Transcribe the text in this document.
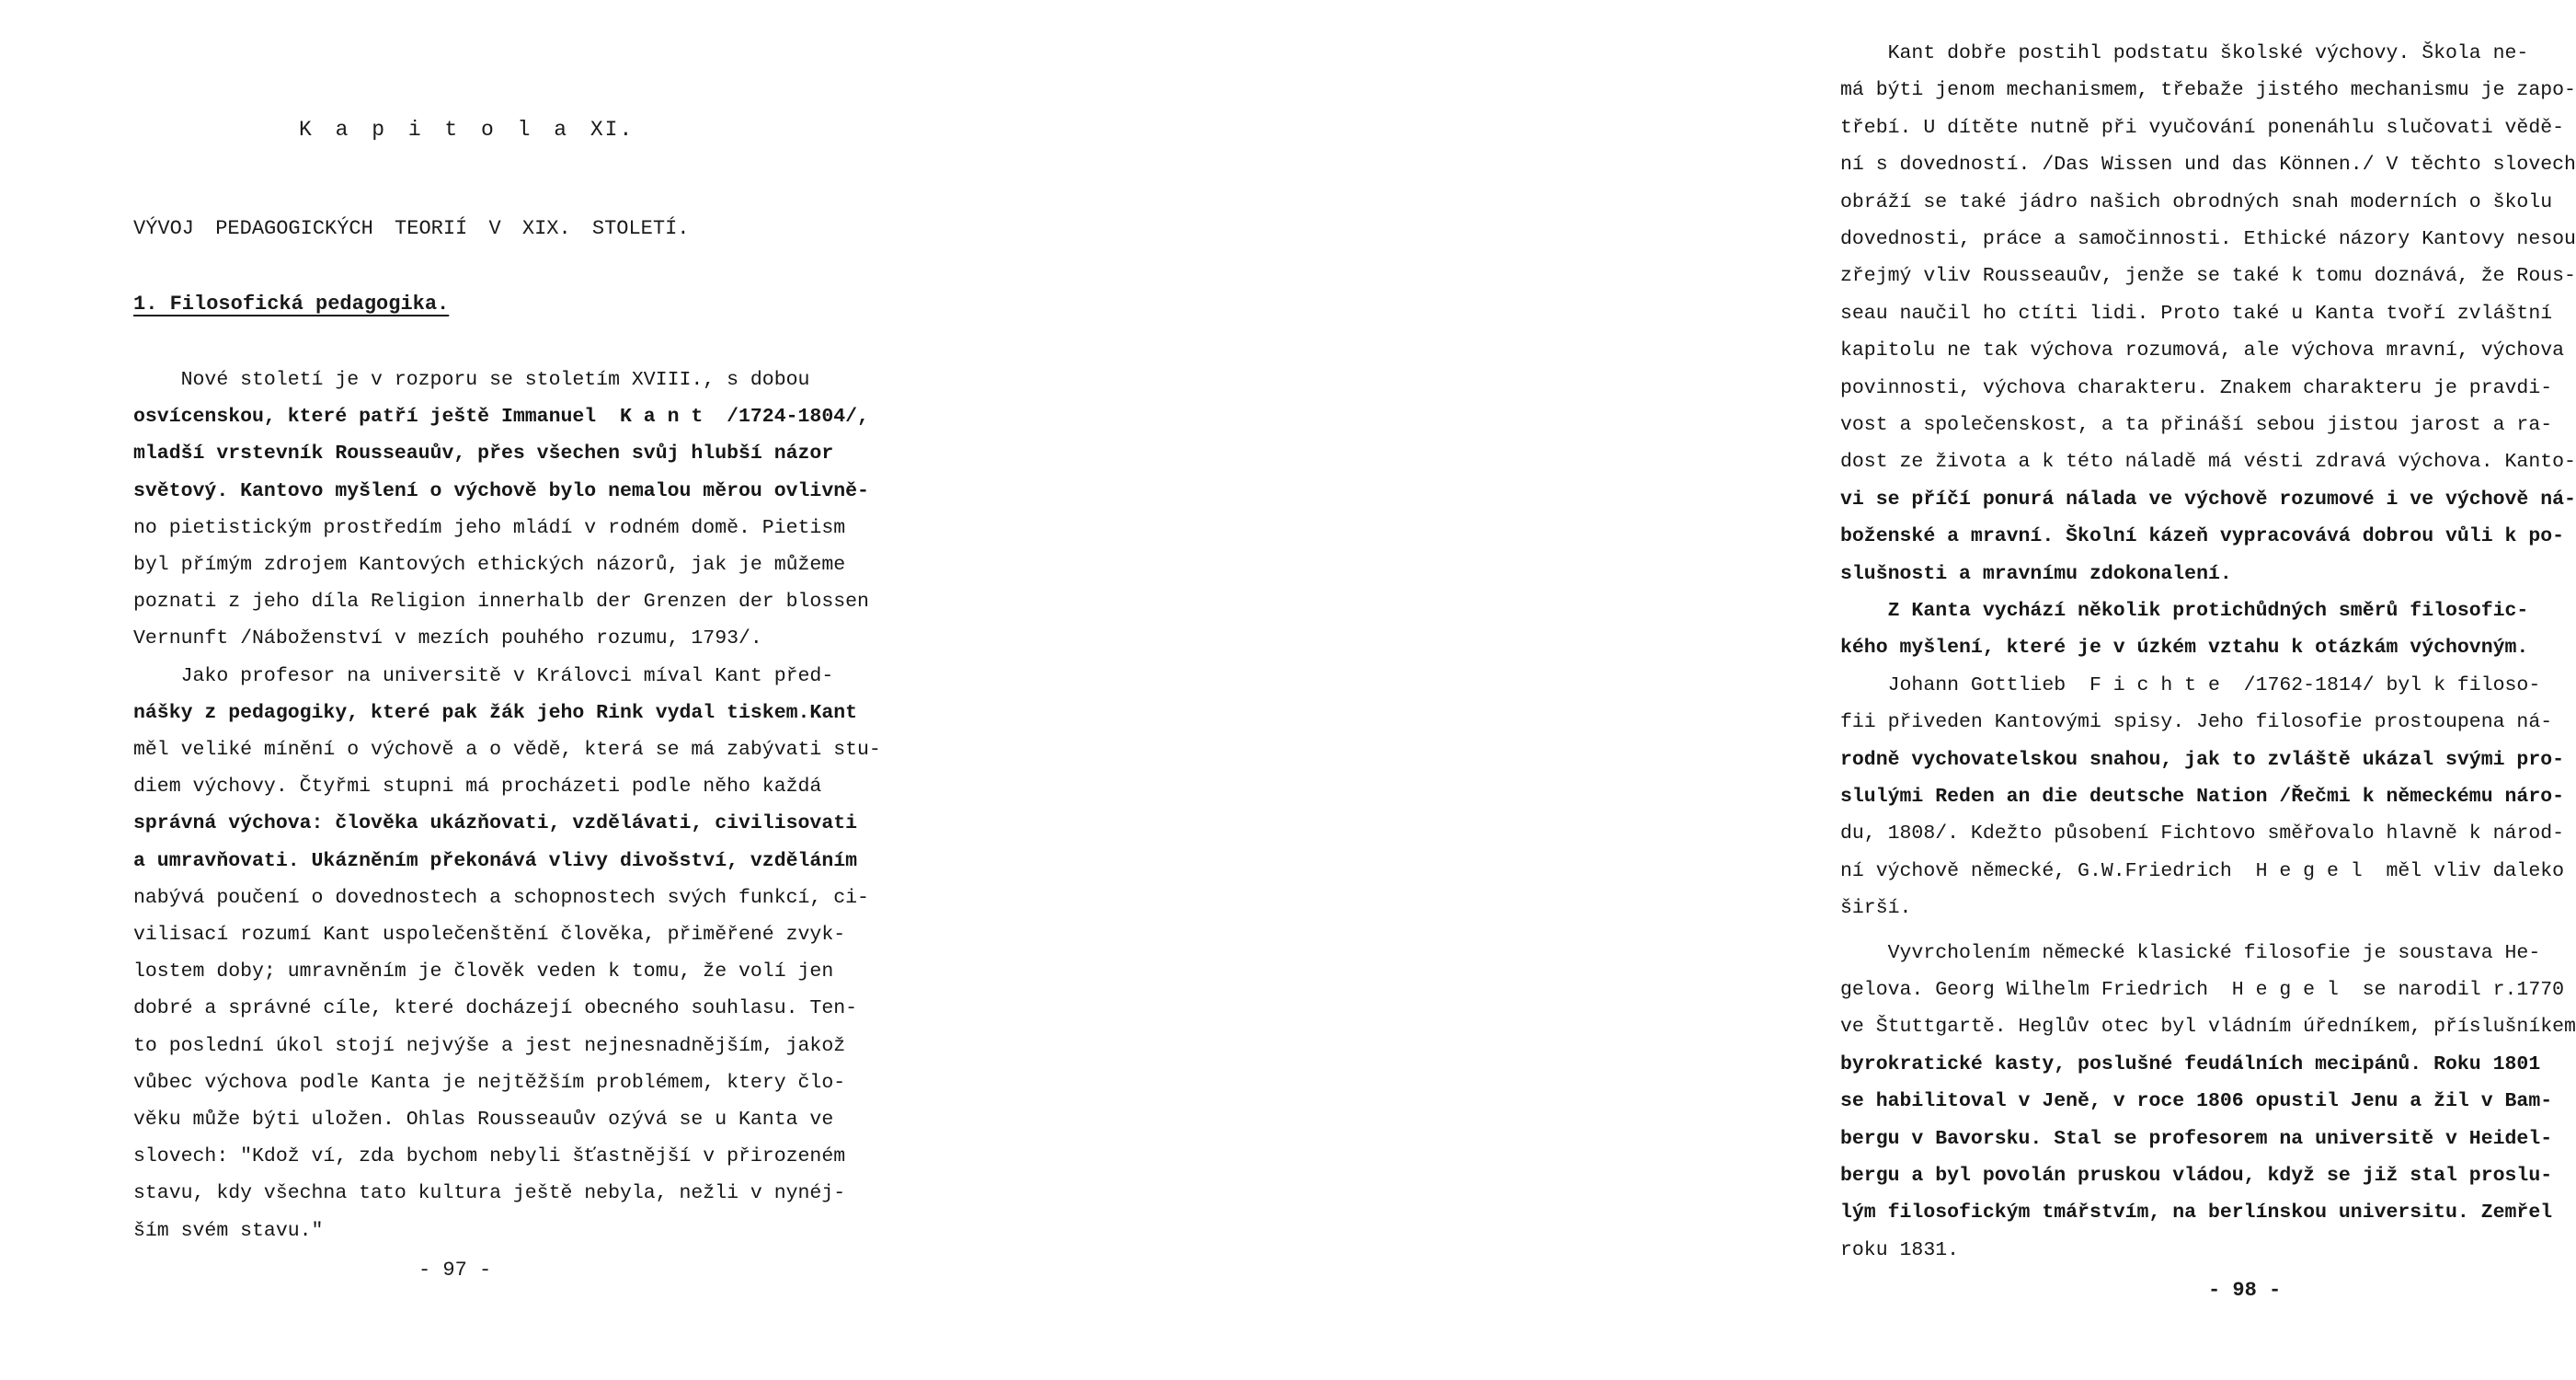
K a p i t o l a XI.
VÝVOJ PEDAGOGICKÝCH TEORIÍ V XIX. STOLETÍ.
1. Filosofická pedagogika.
Nové století je v rozporu se stoletím XVIII., s dobou
osvícenskou, které patří ještě Immanuel  K a n t  /1724-1804/,
mladší vrstevník Rousseauův, přes všechen svůj hlubší názor
světový. Kantovo myšlení o výchově bylo nemalou měrou ovlivně-
no pietistickým prostředím jeho mládí v rodném domě. Pietism
byl přímým zdrojem Kantových ethických názorů, jak je můžeme
poznati z jeho díla Religion innerhalb der Grenzen der blossen
Vernunft /Náboženství v mezích pouhého rozumu, 1793/.
Jako profesor na universitě v Královci míval Kant před-
nášky z pedagogiky, které pak žák jeho Rink vydal tiskem.Kant
měl veliké mínění o výchově a o vědě, která se má zabývati stu-
diem výchovy. Čtyřmi stupni má procházeti podle něho každá
správná výchova: člověka ukázňovati, vzdělávati, civilisovati
a umravňovati. Ukázněním překonává vlivy divošství, vzděláním
nabývá poučení o dovednostech a schopnostech svých funkcí, ci-
vilisací rozumí Kant uspolečenštění člověka, přiměřené zvyk-
lostem doby; umravněním je člověk veden k tomu, že volí jen
dobré a správné cíle, které docházejí obecného souhlasu. Ten-
to poslední úkol stojí nejvýše a jest nejnesnadnějším, jakož
vůbec výchova podle Kanta je nejtěžším problémem, ktery člo-
věku může býti uložen. Ohlas Rousseauův ozývá se u Kanta ve
slovech: "Kdož ví, zda bychom nebyli šťastnější v přirozeném
stavu, kdy všechna tato kultura ještě nebyla, nežli v nynéj-
ším svém stavu."
- 97 -
Kant dobře postihl podstatu školské výchovy. Škola ne-
má býti jenom mechanismem, třebaže jistého mechanismu je zapo-
třebí. U dítěte nutně při vyučování ponenáhlu slučovati vědě-
ní s dovedností. /Das Wissen und das Können./ V těchto slovech
obráží se také jádro našich obrodných snah moderních o školu
dovednosti, práce a samočinnosti. Ethické názory Kantovy nesou
zřejmý vliv Rousseauův, jenže se také k tomu doznává, že Rous-
seau naučil ho ctíti lidi. Proto také u Kanta tvoří zvláštní
kapitolu ne tak výchova rozumová, ale výchova mravní, výchova
povinnosti, výchova charakteru. Znakem charakteru je pravdi-
vost a společenskost, a ta přináší sebou jistou jarost a ra-
dost ze života a k této náladě má vésti zdravá výchova. Kanto-
vi se příčí ponurá nálada ve výchově rozumové i ve výchově ná-
boženské a mravní. Školní kázeň vypracovává dobrou vůli k po-
slušnosti a mravnímu zdokonalení.
Z Kanta vychází několik protichůdných směrů filosofic-
kého myšlení, které je v úzkém vztahu k otázkám výchovným.
Johann Gottlieb  F i c h t e  /1762-1814/ byl k filoso-
fii přiveden Kantovými spisy. Jeho filosofie prostoupena ná-
rodně vychovatelskou snahou, jak to zvláště ukázal svými pro-
slulými Reden an die deutsche Nation /Řečmi k německému náro-
du, 1808/. Kdežto působení Fichtovo směřovalo hlavně k národ-
ní výchově německé, G.W.Friedrich  H e g e l  měl vliv daleko
širší.
Vyvrcholením německé klasické filosofie je soustava He-
gelova. Georg Wilhelm Friedrich  H e g e l  se narodil r.1770
ve Štuttgartě. Heglův otec byl vládním úředníkem, příslušníkem
byrokratické kasty, poslušné feudálních mecipánů. Roku 1801
se habilitoval v Jeně, v roce 1806 opustil Jenu a žil v Bam-
bergu v Bavorsku. Stal se profesorem na universitě v Heidel-
bergu a byl povolán pruskou vládou, když se již stal proslu-
lým filosofickým tmářstvím, na berlínskou universitu. Zemřel
roku 1831.
- 98 -
